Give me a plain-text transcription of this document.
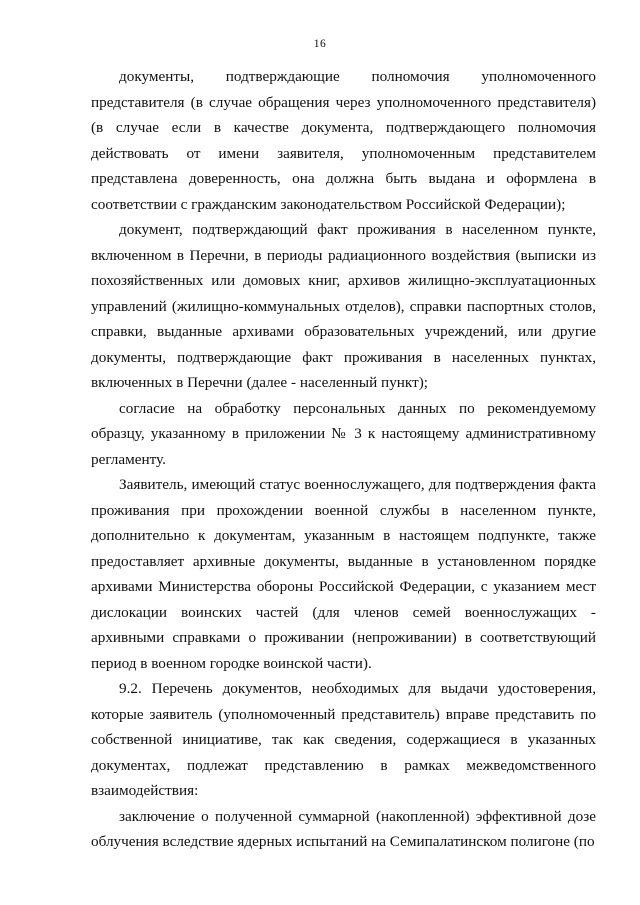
16

документы, подтверждающие полномочия уполномоченного представителя (в случае обращения через уполномоченного представителя) (в случае если в качестве документа, подтверждающего полномочия действовать от имени заявителя, уполномоченным представителем представлена доверенность, она должна быть выдана и оформлена в соответствии с гражданским законодательством Российской Федерации);

документ, подтверждающий факт проживания в населенном пункте, включенном в Перечни, в периоды радиационного воздействия (выписки из похозяйственных или домовых книг, архивов жилищно-эксплуатационных управлений (жилищно-коммунальных отделов), справки паспортных столов, справки, выданные архивами образовательных учреждений, или другие документы, подтверждающие факт проживания в населенных пунктах, включенных в Перечни (далее - населенный пункт);

согласие на обработку персональных данных по рекомендуемому образцу, указанному в приложении № 3 к настоящему административному регламенту.

Заявитель, имеющий статус военнослужащего, для подтверждения факта проживания при прохождении военной службы в населенном пункте, дополнительно к документам, указанным в настоящем подпункте, также предоставляет архивные документы, выданные в установленном порядке архивами Министерства обороны Российской Федерации, с указанием мест дислокации воинских частей (для членов семей военнослужащих - архивными справками о проживании (непроживании) в соответствующий период в военном городке воинской части).

9.2. Перечень документов, необходимых для выдачи удостоверения, которые заявитель (уполномоченный представитель) вправе представить по собственной инициативе, так как сведения, содержащиеся в указанных документах, подлежат представлению в рамках межведомственного взаимодействия:

заключение о полученной суммарной (накопленной) эффективной дозе облучения вследствие ядерных испытаний на Семипалатинском полигоне (по
